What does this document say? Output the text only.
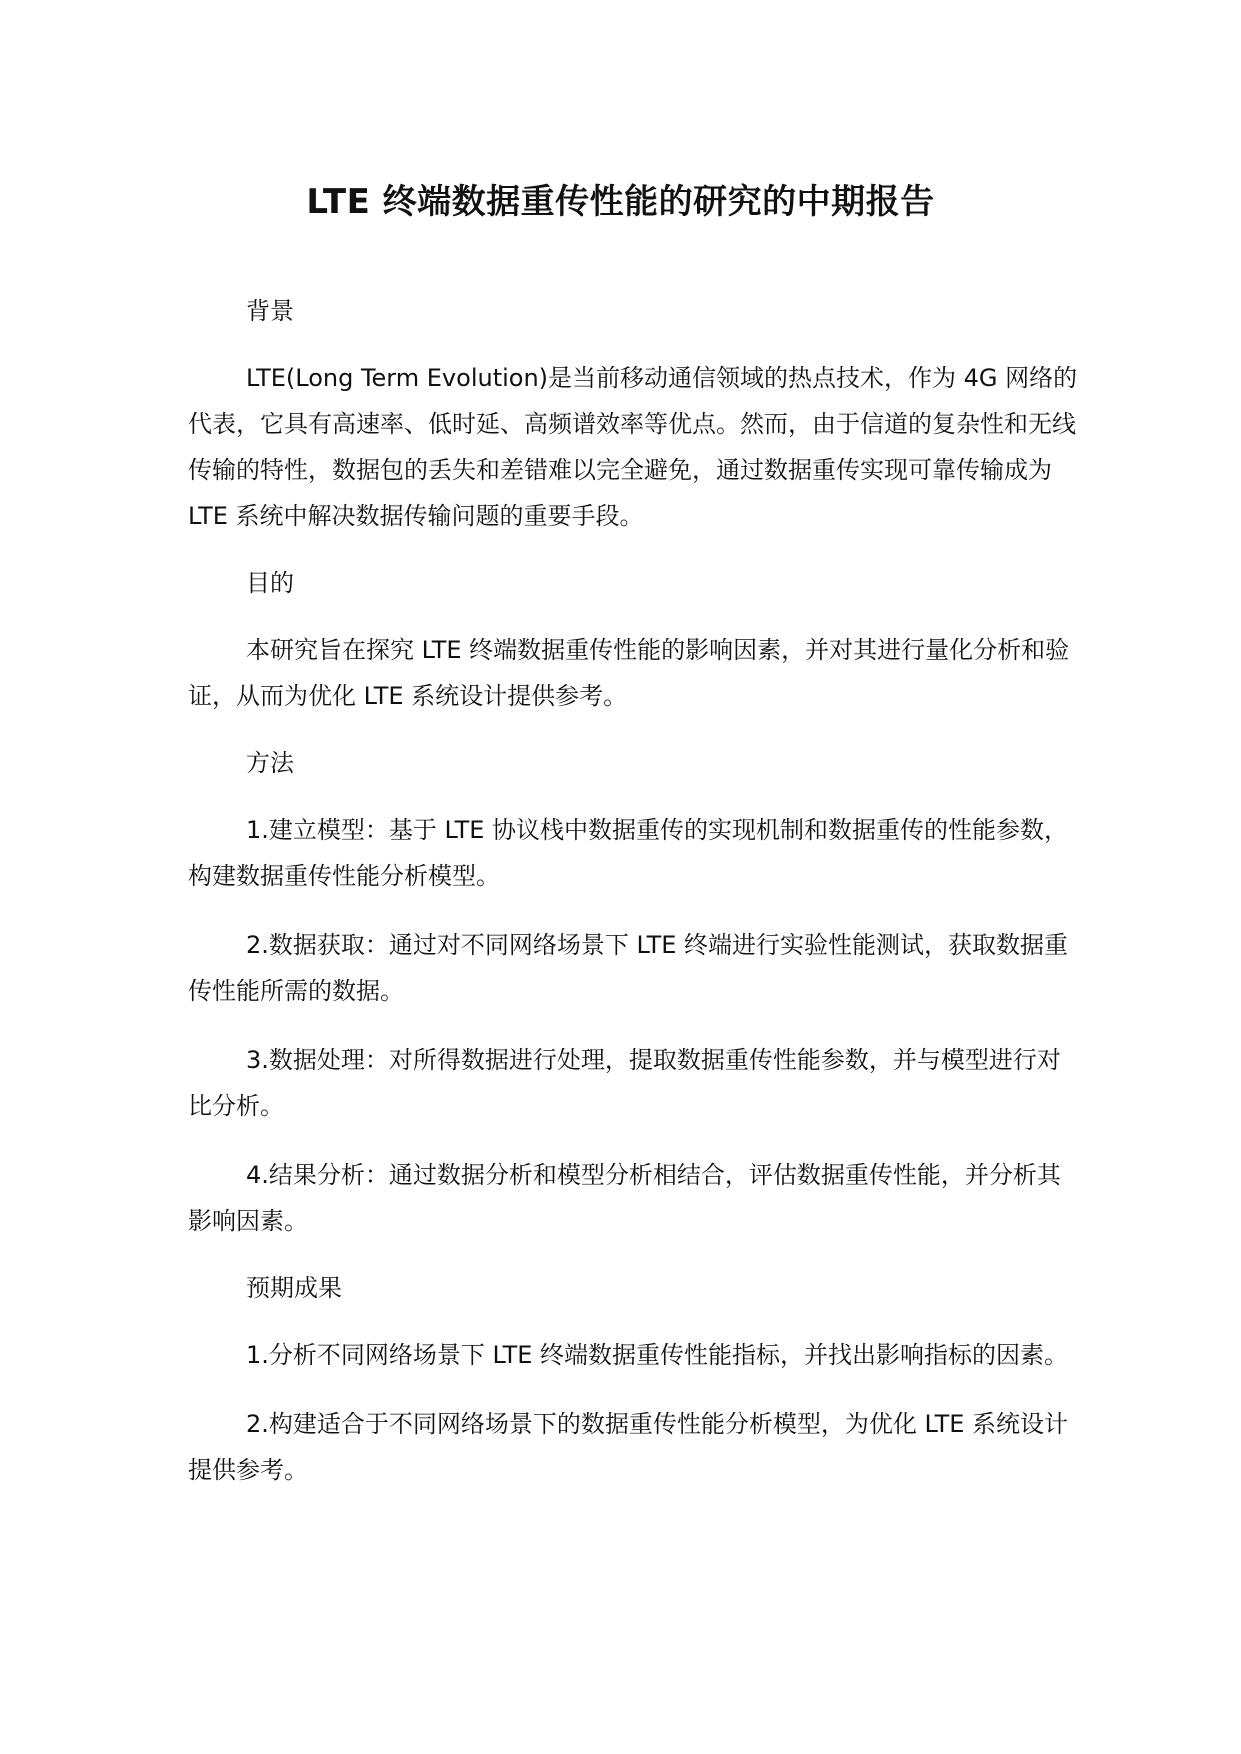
LTE 终端数据重传性能的研究的中期报告
背景
LTE(Long Term Evolution)是当前移动通信领域的热点技术，作为 4G 网络的代表，它具有高速率、低时延、高频谱效率等优点。然而，由于信道的复杂性和无线传输的特性，数据包的丢失和差错难以完全避免，通过数据重传实现可靠传输成为 LTE 系统中解决数据传输问题的重要手段。
目的
本研究旨在探究 LTE 终端数据重传性能的影响因素，并对其进行量化分析和验证，从而为优化 LTE 系统设计提供参考。
方法
1.建立模型：基于 LTE 协议栈中数据重传的实现机制和数据重传的性能参数，构建数据重传性能分析模型。
2.数据获取：通过对不同网络场景下 LTE 终端进行实验性能测试，获取数据重传性能所需的数据。
3.数据处理：对所得数据进行处理，提取数据重传性能参数，并与模型进行对比分析。
4.结果分析：通过数据分析和模型分析相结合，评估数据重传性能，并分析其影响因素。
预期成果
1.分析不同网络场景下 LTE 终端数据重传性能指标，并找出影响指标的因素。
2.构建适合于不同网络场景下的数据重传性能分析模型，为优化 LTE 系统设计提供参考。
